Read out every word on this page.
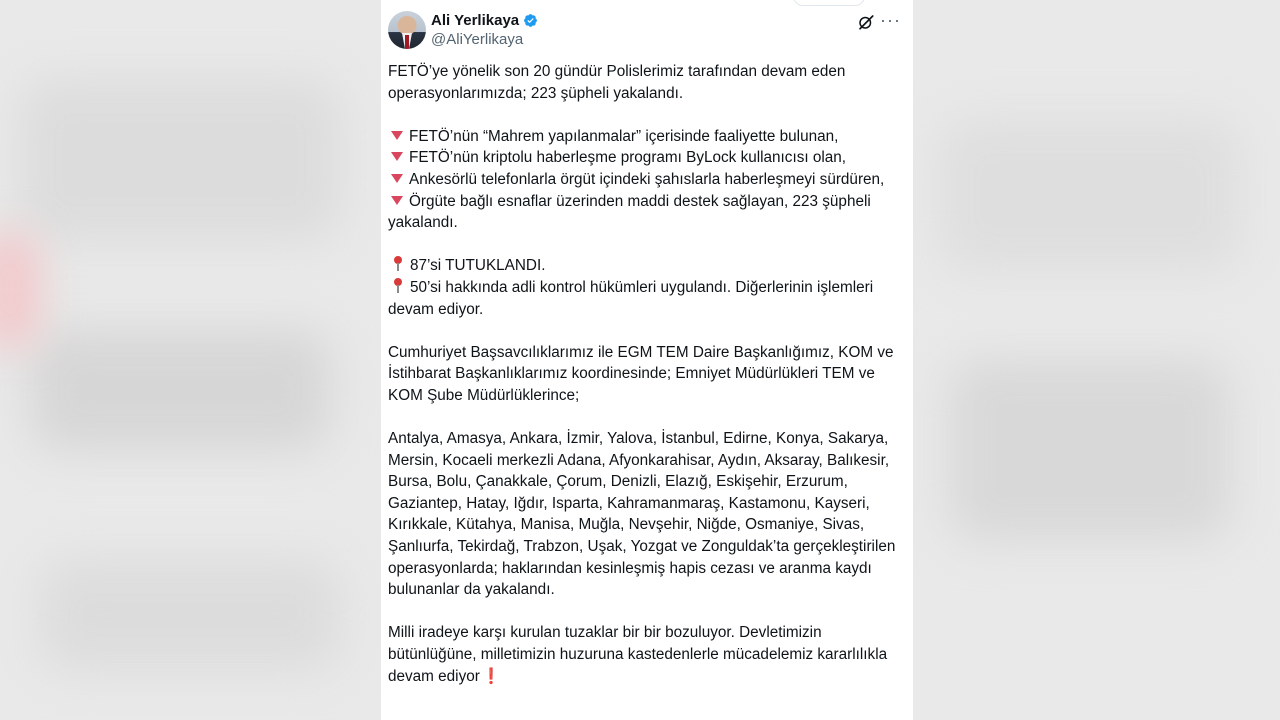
Ali Yerlikaya
@AliYerlikaya
···

FETÖ’ye yönelik son 20 gündür Polislerimiz tarafından devam eden operasyonlarımızda; 223 şüpheli yakalandı.

FETÖ’nün “Mahrem yapılanmalar” içerisinde faaliyette bulunan,

FETÖ’nün kriptolu haberleşme programı ByLock kullanıcısı olan,

Ankesörlü telefonlarla örgüt içindeki şahıslarla haberleşmeyi sürdüren,

Örgüte bağlı esnaflar üzerinden maddi destek sağlayan, 223 şüpheli yakalandı.

87’si TUTUKLANDI.

50’si hakkında adli kontrol hükümleri uygulandı. Diğerlerinin işlemleri devam ediyor.

Cumhuriyet Başsavcılıklarımız ile EGM TEM Daire Başkanlığımız, KOM ve İstihbarat Başkanlıklarımız koordinesinde; Emniyet Müdürlükleri TEM ve KOM Şube Müdürlüklerince;

Antalya, Amasya, Ankara, İzmir, Yalova, İstanbul, Edirne, Konya, Sakarya, Mersin, Kocaeli merkezli Adana, Afyonkarahisar, Aydın, Aksaray, Balıkesir, Bursa, Bolu, Çanakkale, Çorum, Denizli, Elazığ, Eskişehir, Erzurum, Gaziantep, Hatay, Iğdır, Isparta, Kahramanmaraş, Kastamonu, Kayseri, Kırıkkale, Kütahya, Manisa, Muğla, Nevşehir, Niğde, Osmaniye, Sivas, Şanlıurfa, Tekirdağ, Trabzon, Uşak, Yozgat ve Zonguldak’ta gerçekleştirilen operasyonlarda; haklarından kesinleşmiş hapis cezası ve aranma kaydı bulunanlar da yakalandı.

Milli iradeye karşı kurulan tuzaklar bir bir bozuluyor. Devletimizin bütünlüğüne, milletimizin huzuruna kastedenlerle mücadelemiz kararlılıkla devam ediyor ❗
